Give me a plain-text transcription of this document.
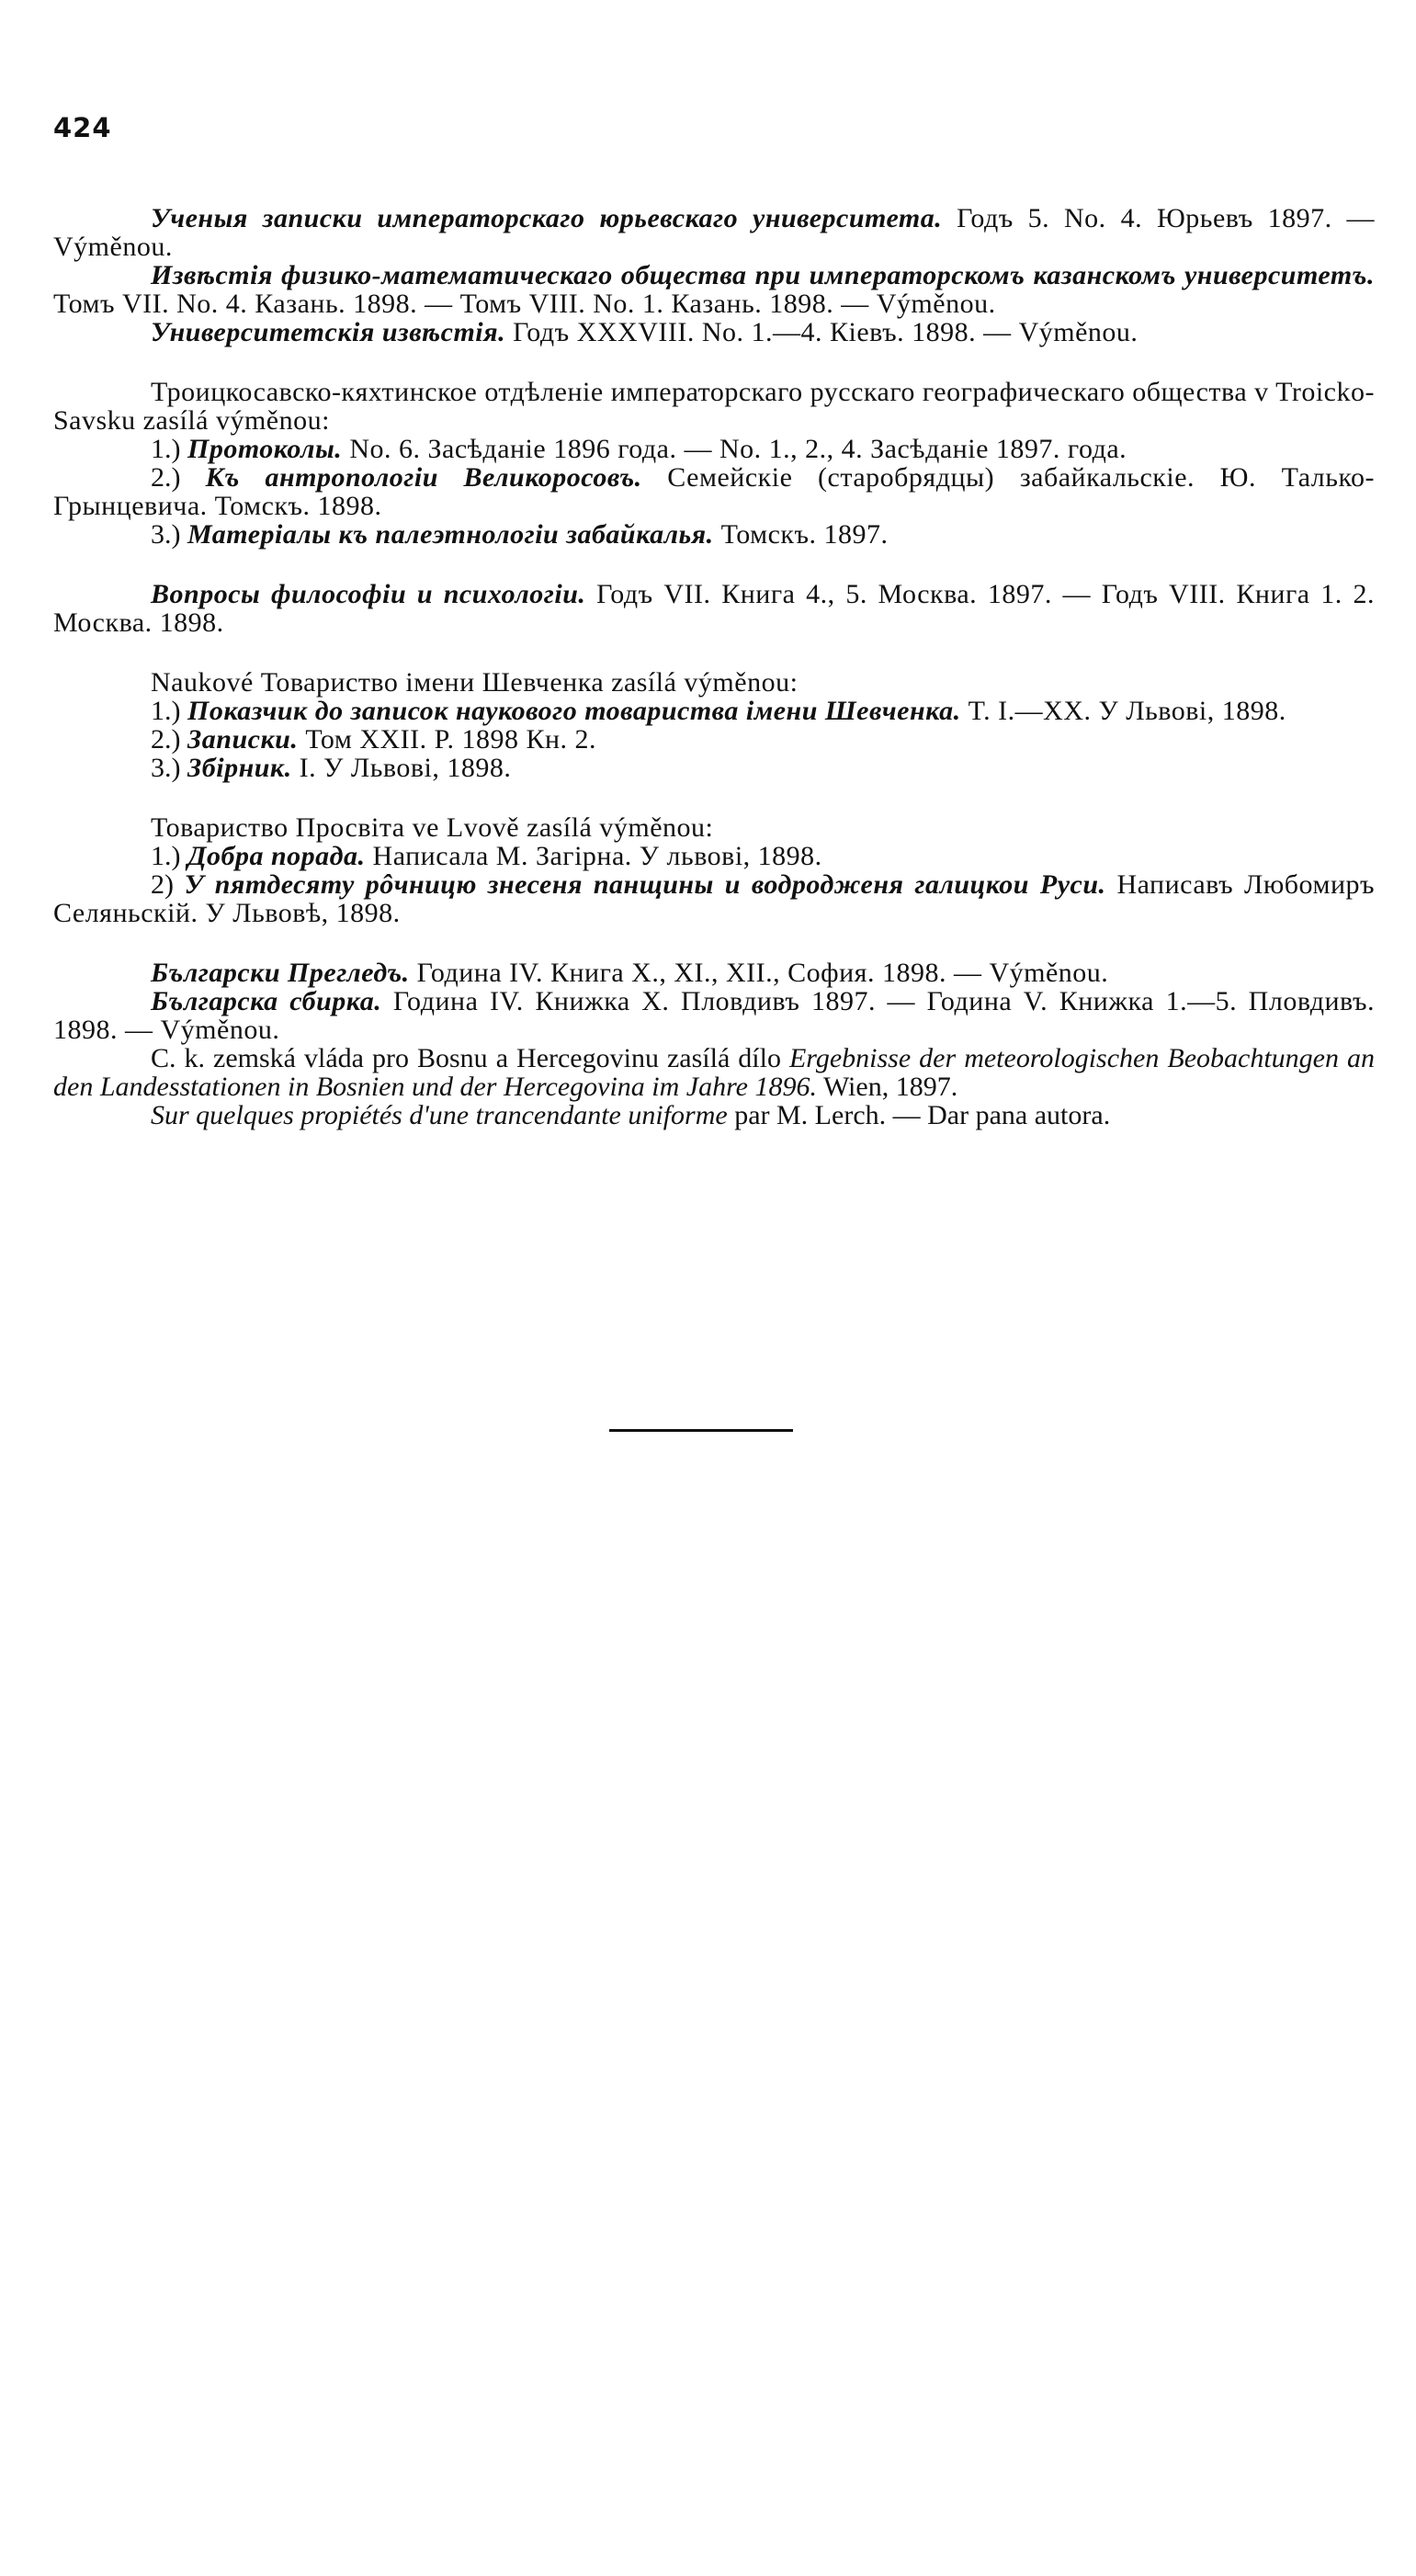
424

Ученыя записки императорскаго юрьевскаго университета. Годъ 5. No. 4. Юрьевъ 1897. — Výměnou.

Извѣстія физико-математическаго общества при императорскомъ казанскомъ университетъ. Томъ VII. No. 4. Казань. 1898. — Томъ VIII. No. 1. Казань. 1898. — Výměnou.

Университетскія извѣстія. Годъ XXXVIII. No. 1.—4. Кіевъ. 1898. — Výměnou.

Троицкосавско-кяхтинское отдѣленіе императорскаго русскаго географическаго общества v Troicko-Savsku zasílá výměnou:

1.) Протоколы. No. 6. Засѣданіе 1896 года. — No. 1., 2., 4. Засѣданіе 1897. года.

2.) Къ антропологіи Великоросовъ. Семейскіе (старобрядцы) забайкальскіе. Ю. Талько-Грынцевича. Томскъ. 1898.

3.) Матеріалы къ палеэтнологіи забайкалья. Томскъ. 1897.

Вопросы философіи и психологіи. Годъ VII. Книга 4., 5. Москва. 1897. — Годъ VIII. Книга 1. 2. Москва. 1898.

Naukové Товариство імени Шевченка zasílá výměnou:

1.) Показчик до записок наукового товариства імени Шевченка. T. I.—XX. У Львові, 1898.

2.) Записки. Том XXII. P. 1898 Кн. 2.

3.) Збірник. I. У Львові, 1898.

Товариство Просвіта ve Lvově zasílá výměnou:

1.) Добра порада. Написала М. Загірна. У львові, 1898.

2) У пятдесяту рôчницю знесеня панщины и водродженя галицкои Руси. Написавъ Любомиръ Селяньскій. У Львовѣ, 1898.

Български Прегледъ. Година IV. Книга X., XI., XII., София. 1898. — Výměnou.

Българска сбирка. Година IV. Книжка X. Пловдивъ 1897. — Година V. Книжка 1.—5. Пловдивъ. 1898. — Výměnou.

C. k. zemská vláda pro Bosnu a Hercegovinu zasílá dílo Ergebnisse der meteorologischen Beobachtungen an den Landesstationen in Bosnien und der Hercegovina im Jahre 1896. Wien, 1897.

Sur quelques propiétés d'une trancendante uniforme par M. Lerch. — Dar pana autora.
